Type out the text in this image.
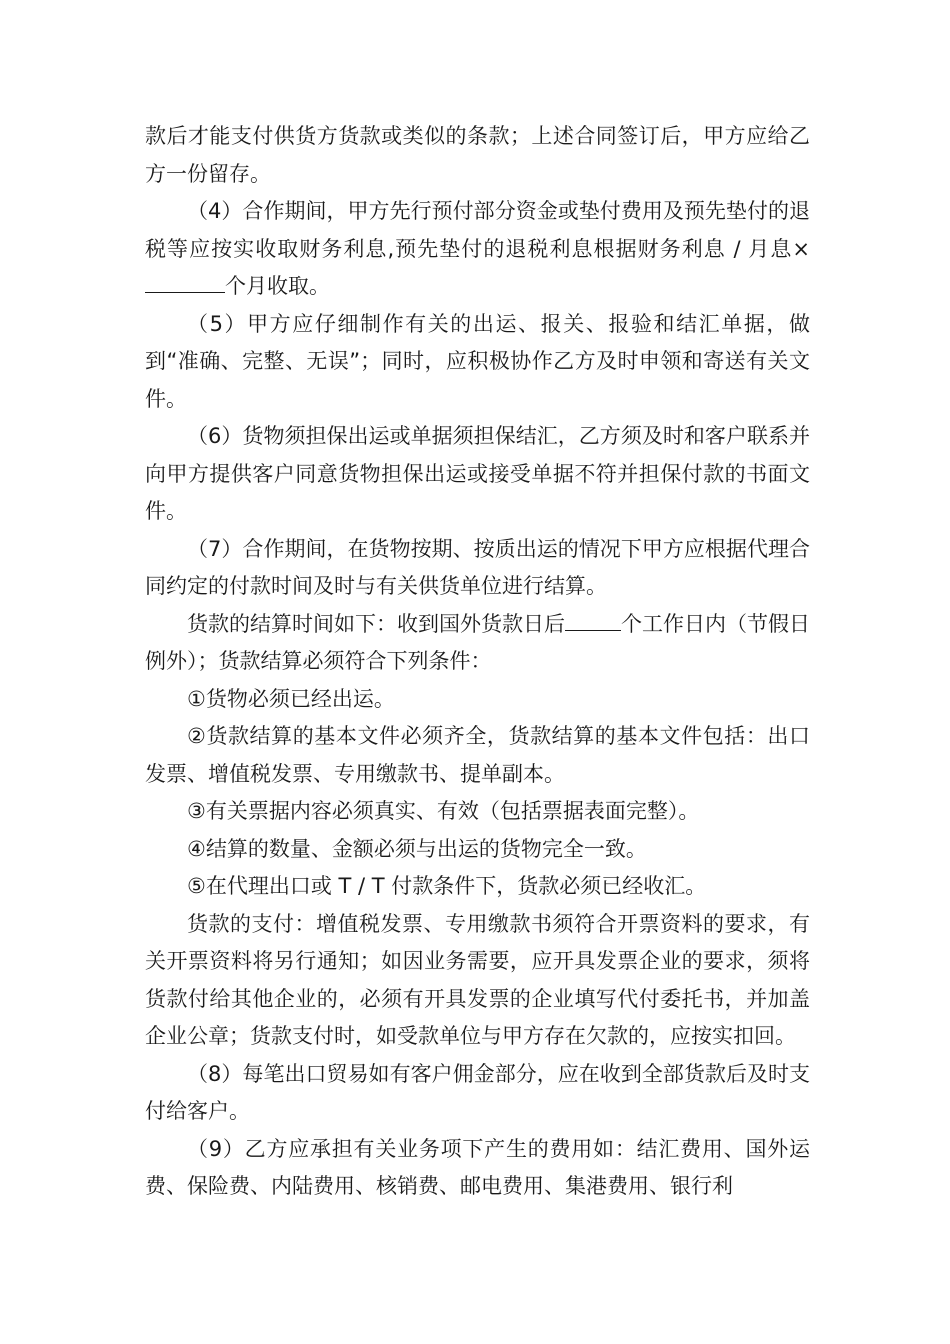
款后才能支付供货方货款或类似的条款；上述合同签订后，甲方应给乙方一份留存。

（4）合作期间，甲方先行预付部分资金或垫付费用及预先垫付的退税等应按实收取财务利息,预先垫付的退税利息根据财务利息 / 月息×个月收取。

（5）甲方应仔细制作有关的出运、报关、报验和结汇单据，做到“准确、完整、无误”；同时，应积极协作乙方及时申领和寄送有关文件。

（6）货物须担保出运或单据须担保结汇，乙方须及时和客户联系并向甲方提供客户同意货物担保出运或接受单据不符并担保付款的书面文件。

（7）合作期间，在货物按期、按质出运的情况下甲方应根据代理合同约定的付款时间及时与有关供货单位进行结算。

货款的结算时间如下：收到国外货款日后	个工作日内（节假日例外）；货款结算必须符合下列条件：

①货物必须已经出运。

②货款结算的基本文件必须齐全，货款结算的基本文件包括：出口发票、增值税发票、专用缴款书、提单副本。

③有关票据内容必须真实、有效（包括票据表面完整）。

④结算的数量、金额必须与出运的货物完全一致。

⑤在代理出口或 T / T 付款条件下，货款必须已经收汇。

货款的支付：增值税发票、专用缴款书须符合开票资料的要求，有关开票资料将另行通知；如因业务需要，应开具发票企业的要求，须将货款付给其他企业的，必须有开具发票的企业填写代付委托书，并加盖企业公章；货款支付时，如受款单位与甲方存在欠款的，应按实扣回。

（8）每笔出口贸易如有客户佣金部分，应在收到全部货款后及时支付给客户。

（9）乙方应承担有关业务项下产生的费用如：结汇费用、国外运费、保险费、内陆费用、核销费、邮电费用、集港费用、银行利
